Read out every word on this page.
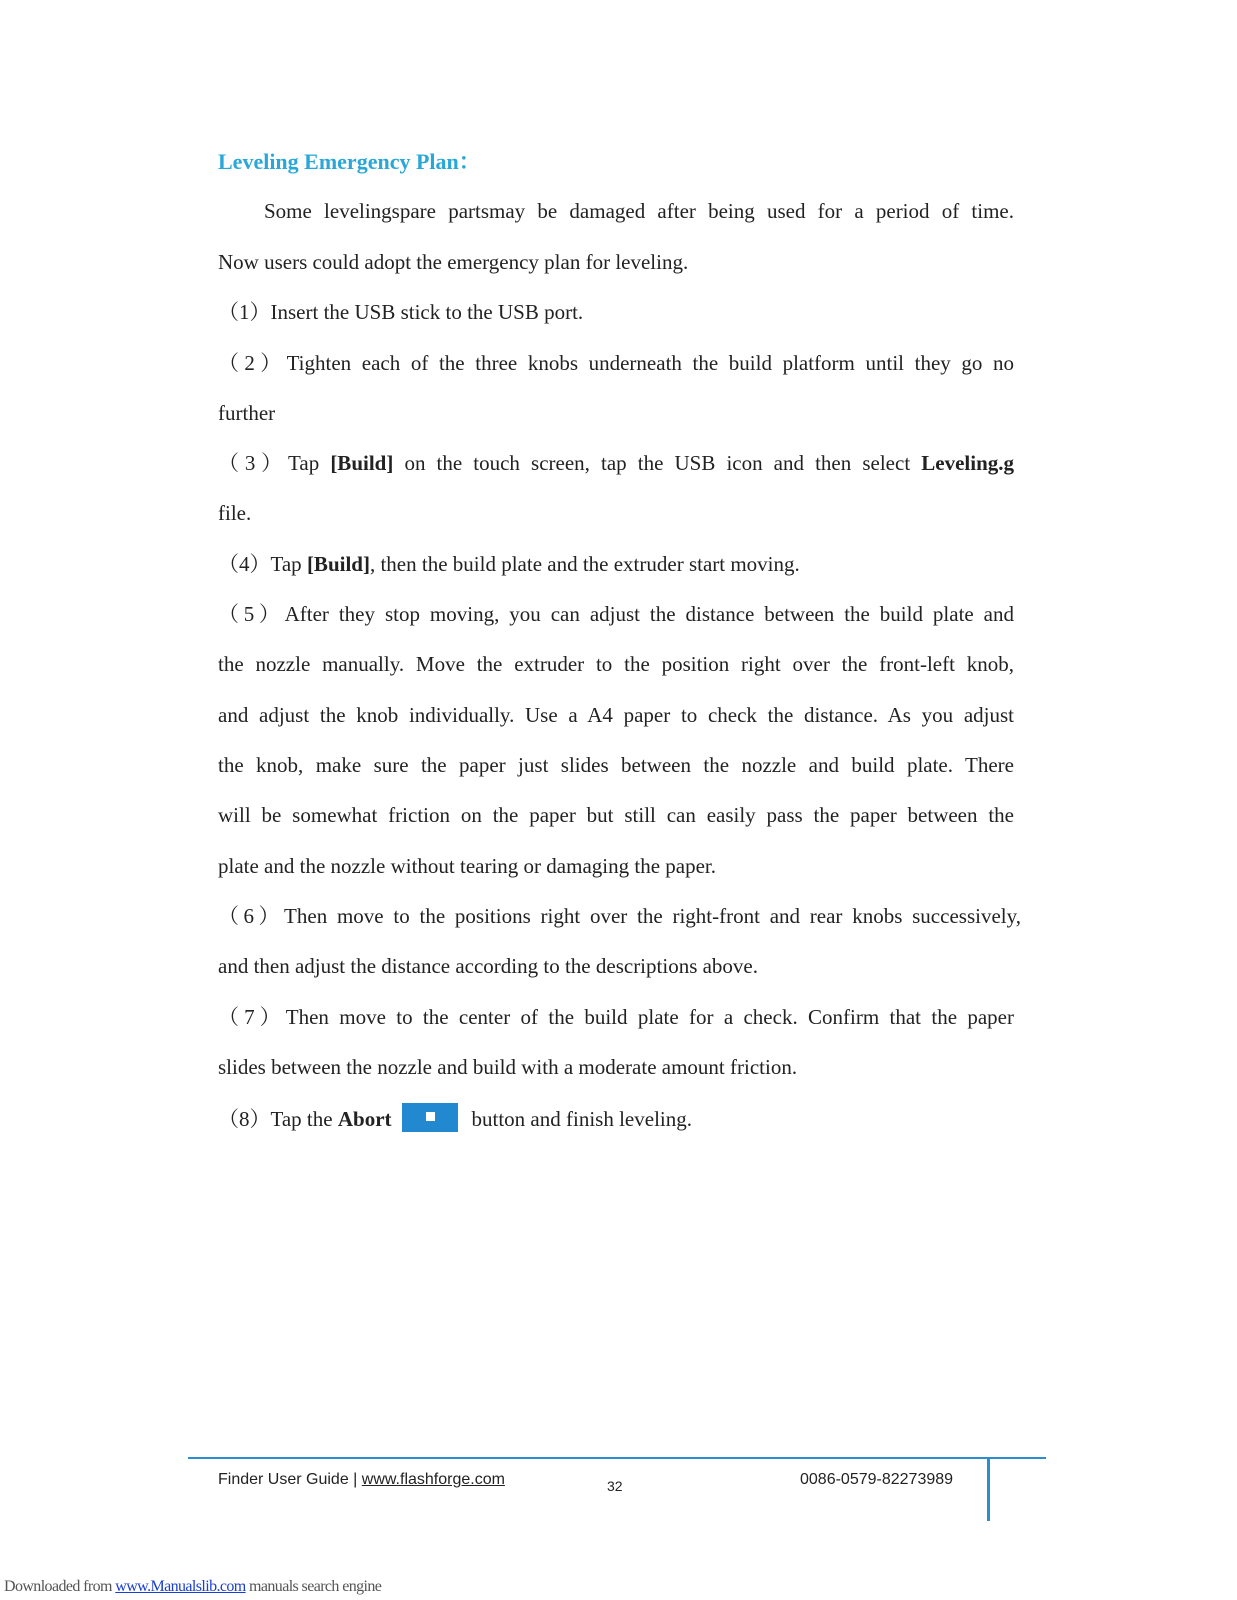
Leveling Emergency Plan：
Some levelingspare partsmay be damaged after being used for a period of time.
Now users could adopt the emergency plan for leveling.
（1）Insert the USB stick to the USB port.
（2）Tighten each of the three knobs underneath the build platform until they go no
further
（3）Tap [Build] on the touch screen, tap the USB icon and then select Leveling.g
file.
（4）Tap [Build], then the build plate and the extruder start moving.
（5）After they stop moving, you can adjust the distance between the build plate and
the nozzle manually. Move the extruder to the position right over the front-left knob,
and adjust the knob individually. Use a A4 paper to check the distance. As you adjust
the knob, make sure the paper just slides between the nozzle and build plate. There
will be somewhat friction on the paper but still can easily pass the paper between the
plate and the nozzle without tearing or damaging the paper.
（6）Then move to the positions right over the right-front and rear knobs successively,
and then adjust the distance according to the descriptions above.
（7）Then move to the center of the build plate for a check. Confirm that the paper
slides between the nozzle and build with a moderate amount friction.
（8）Tap the Abort	button and finish leveling.
Finder User Guide | www.flashforge.com	32	0086-0579-82273989
Downloaded from www.Manualslib.com manuals search engine
